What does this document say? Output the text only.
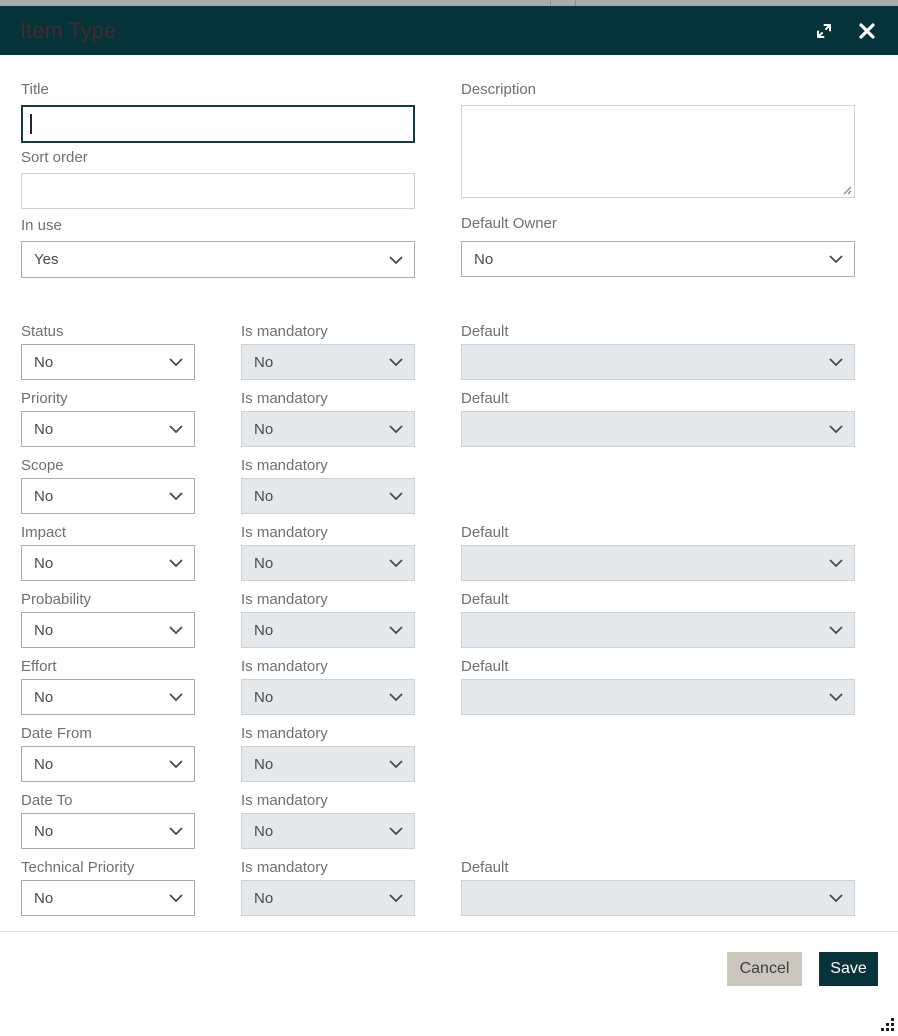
Item Type
Title
Sort order
In use
Yes
Description
Default Owner
No
Status
No
Is mandatory
No
Default
Priority
No
Is mandatory
No
Default
Scope
No
Is mandatory
No
Impact
No
Is mandatory
No
Default
Probability
No
Is mandatory
No
Default
Effort
No
Is mandatory
No
Default
Date From
No
Is mandatory
No
Date To
No
Is mandatory
No
Technical Priority
No
Is mandatory
No
Default
Cancel	Save
